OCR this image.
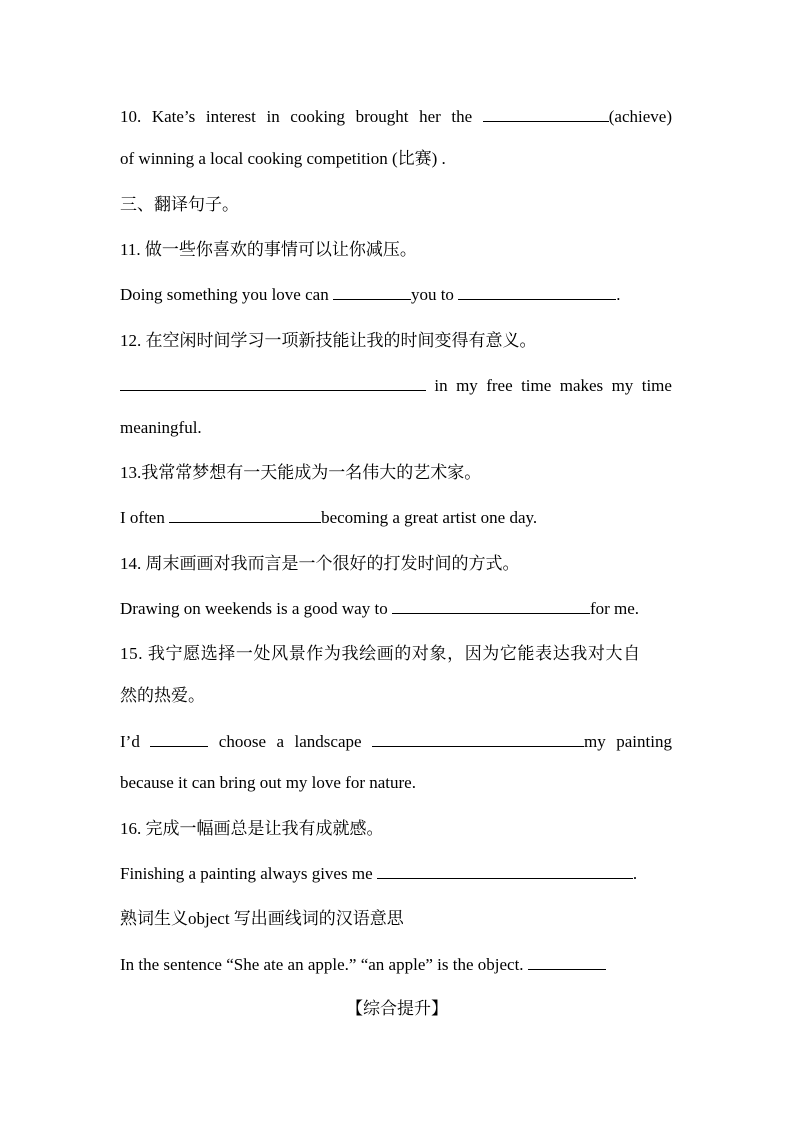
10. Kate’s interest in cooking brought her the	(achieve)
of winning a local cooking competition (比赛) .
三、翻译句子。
11. 做一些你喜欢的事情可以让你减压。
Doing something you love can	you to	.
12. 在空闲时间学习一项新技能让我的时间变得有意义。
in my free time makes my time
meaningful.
13.我常常梦想有一天能成为一名伟大的艺术家。
I often	becoming a great artist one day.
14. 周末画画对我而言是一个很好的打发时间的方式。
Drawing on weekends is a good way to	for me.
15. 我宁愿选择一处风景作为我绘画的对象，因为它能表达我对大自
然的热爱。
I’d	choose a landscape	my painting
because it can bring out my love for nature.
16. 完成一幅画总是让我有成就感。
Finishing a painting always gives me	.
熟词生义object 写出画线词的汉语意思
In the sentence “She ate an apple.” “an apple” is the object.
【综合提升】
